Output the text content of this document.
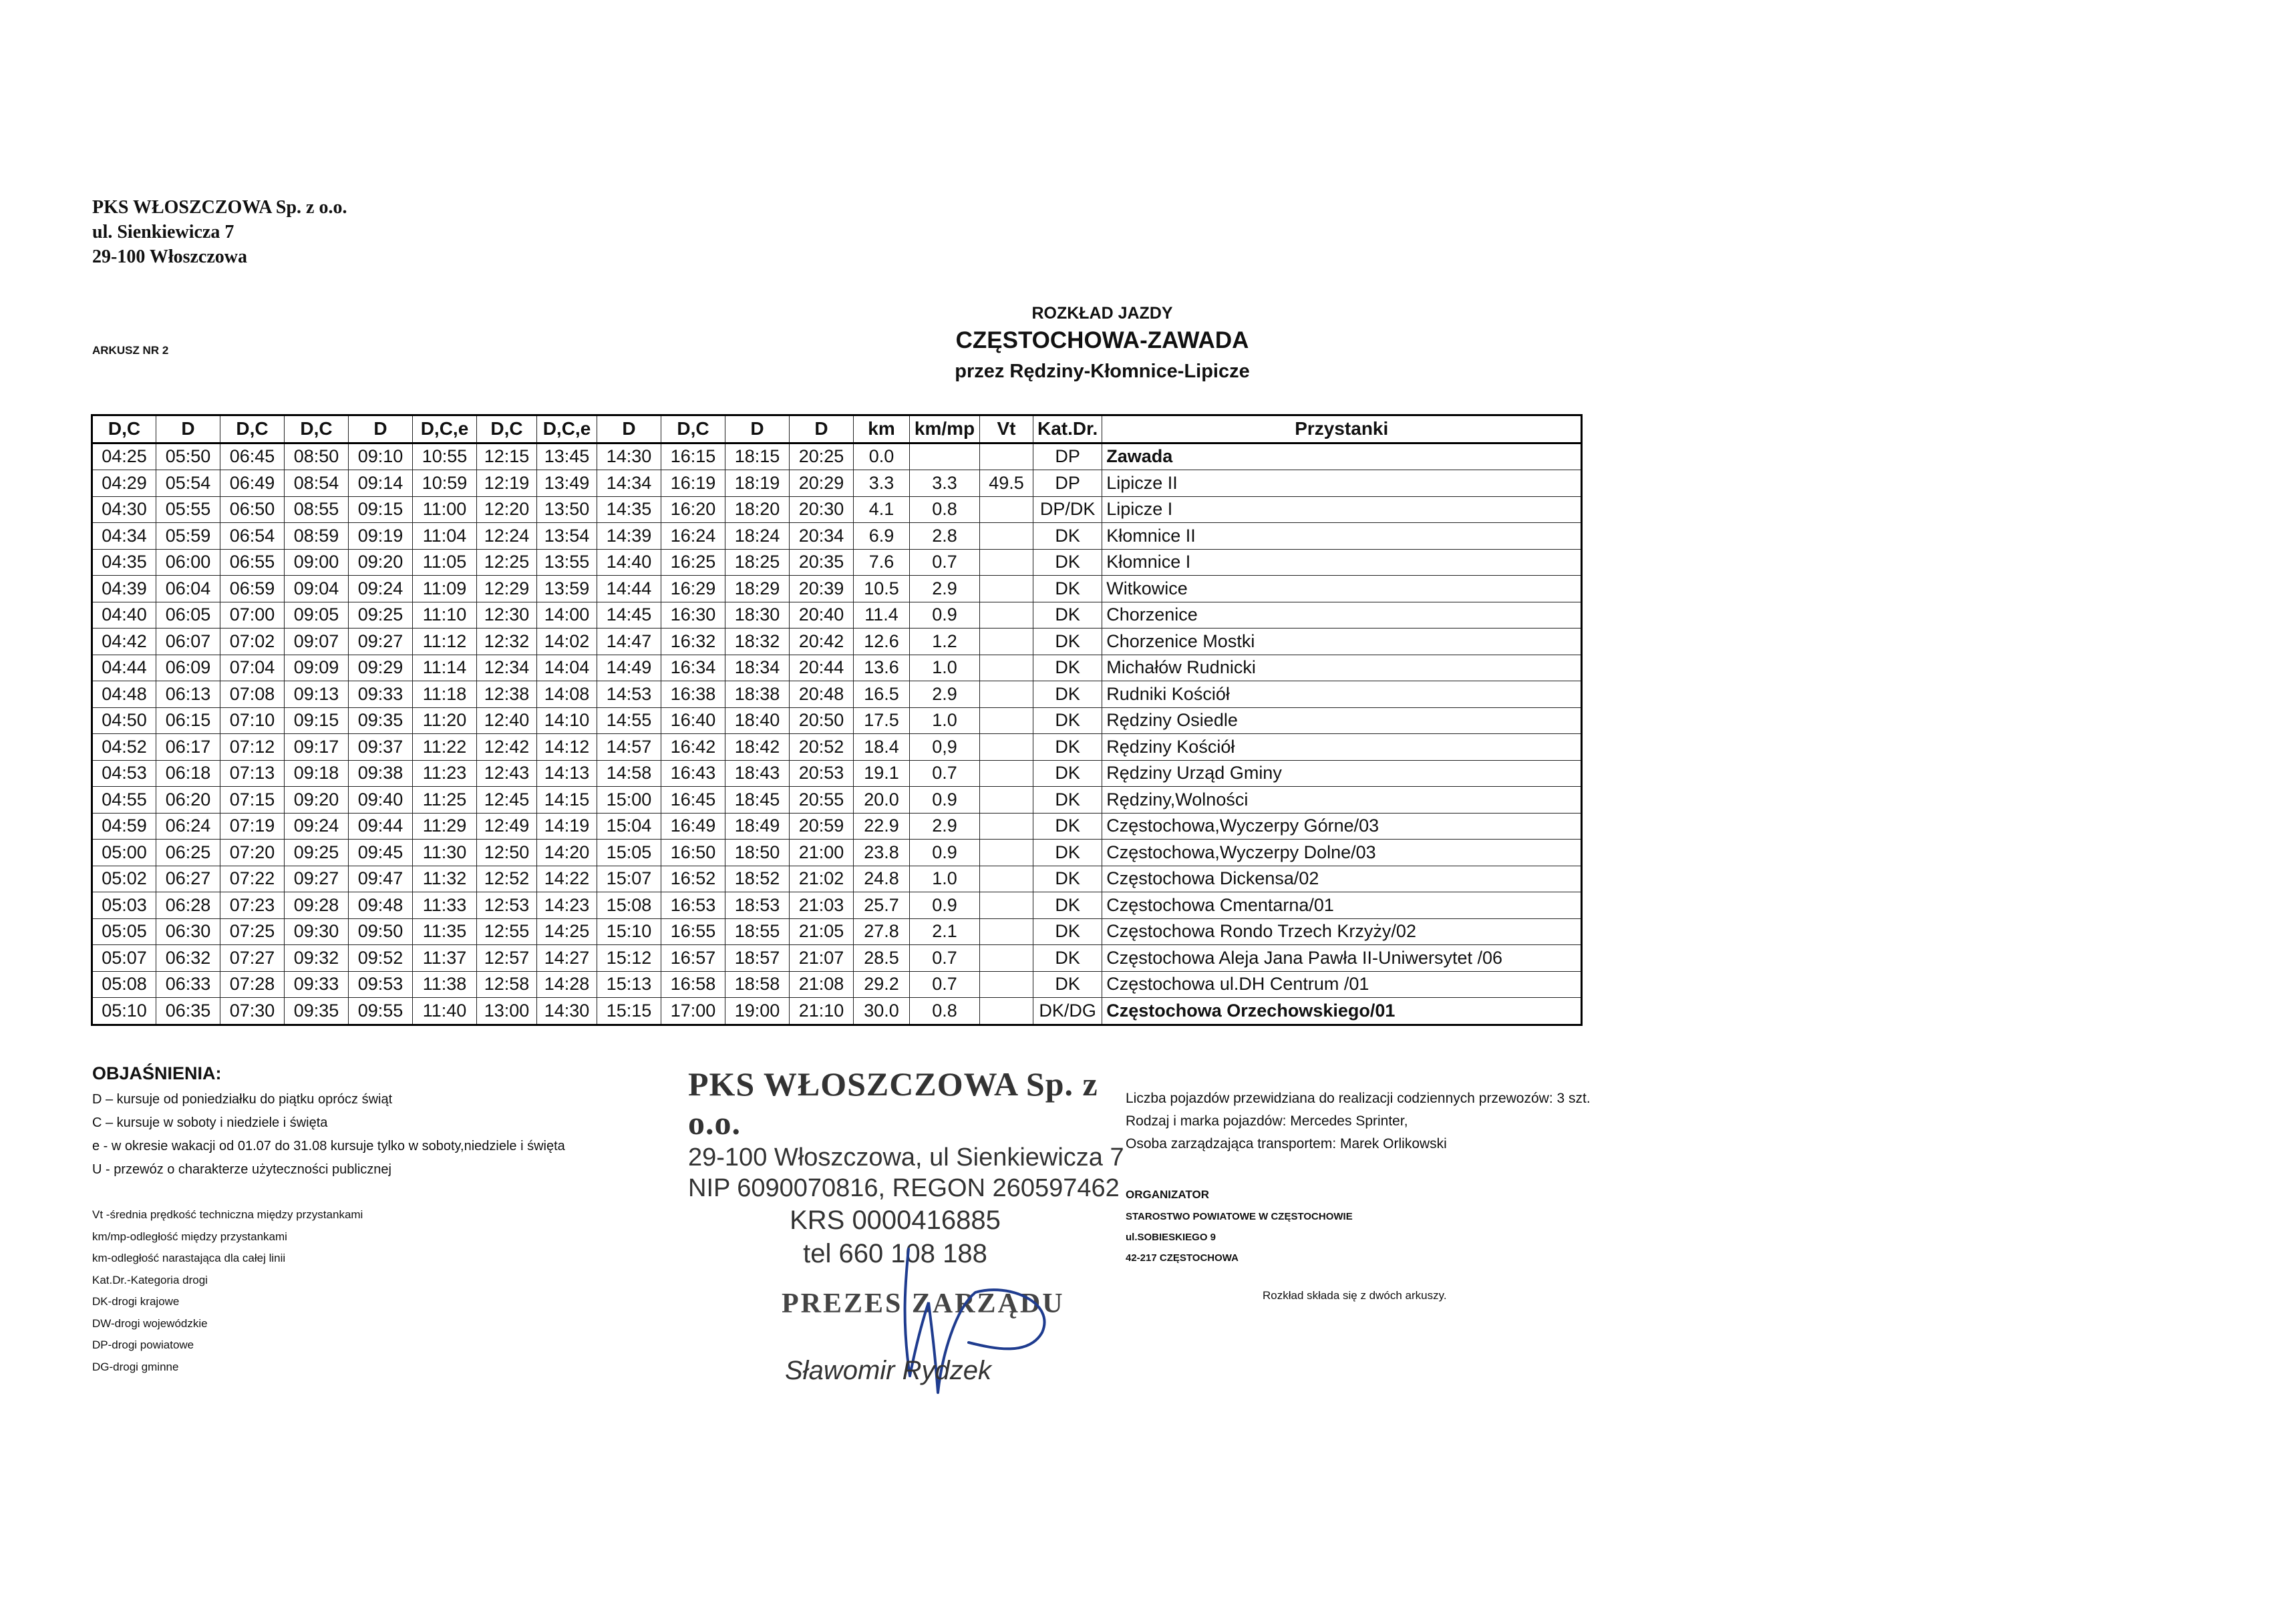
PKS WŁOSZCZOWA Sp. z o.o.
ul. Sienkiewicza 7
29-100 Włoszczowa
ARKUSZ NR 2
ROZKŁAD JAZDY
CZĘSTOCHOWA-ZAWADA
przez Rędziny-Kłomnice-Lipicze
D,C	D	D,C	D,C	D	D,C,e	D,C	D,C,e	D	D,C	D	D	km	km/mp	Vt	Kat.Dr.	Przystanki
04:25	05:50	06:45	08:50	09:10	10:55	12:15	13:45	14:30	16:15	18:15	20:25	0.0			DP	Zawada
04:29	05:54	06:49	08:54	09:14	10:59	12:19	13:49	14:34	16:19	18:19	20:29	3.3	3.3	49.5	DP	Lipicze II
04:30	05:55	06:50	08:55	09:15	11:00	12:20	13:50	14:35	16:20	18:20	20:30	4.1	0.8		DP/DK	Lipicze I
04:34	05:59	06:54	08:59	09:19	11:04	12:24	13:54	14:39	16:24	18:24	20:34	6.9	2.8		DK	Kłomnice II
04:35	06:00	06:55	09:00	09:20	11:05	12:25	13:55	14:40	16:25	18:25	20:35	7.6	0.7		DK	Kłomnice I
04:39	06:04	06:59	09:04	09:24	11:09	12:29	13:59	14:44	16:29	18:29	20:39	10.5	2.9		DK	Witkowice
04:40	06:05	07:00	09:05	09:25	11:10	12:30	14:00	14:45	16:30	18:30	20:40	11.4	0.9		DK	Chorzenice
04:42	06:07	07:02	09:07	09:27	11:12	12:32	14:02	14:47	16:32	18:32	20:42	12.6	1.2		DK	Chorzenice Mostki
04:44	06:09	07:04	09:09	09:29	11:14	12:34	14:04	14:49	16:34	18:34	20:44	13.6	1.0		DK	Michałów Rudnicki
04:48	06:13	07:08	09:13	09:33	11:18	12:38	14:08	14:53	16:38	18:38	20:48	16.5	2.9		DK	Rudniki Kościół
04:50	06:15	07:10	09:15	09:35	11:20	12:40	14:10	14:55	16:40	18:40	20:50	17.5	1.0		DK	Rędziny Osiedle
04:52	06:17	07:12	09:17	09:37	11:22	12:42	14:12	14:57	16:42	18:42	20:52	18.4	0,9		DK	Rędziny Kościół
04:53	06:18	07:13	09:18	09:38	11:23	12:43	14:13	14:58	16:43	18:43	20:53	19.1	0.7		DK	Rędziny Urząd Gminy
04:55	06:20	07:15	09:20	09:40	11:25	12:45	14:15	15:00	16:45	18:45	20:55	20.0	0.9		DK	Rędziny,Wolności
04:59	06:24	07:19	09:24	09:44	11:29	12:49	14:19	15:04	16:49	18:49	20:59	22.9	2.9		DK	Częstochowa,Wyczerpy Górne/03
05:00	06:25	07:20	09:25	09:45	11:30	12:50	14:20	15:05	16:50	18:50	21:00	23.8	0.9		DK	Częstochowa,Wyczerpy Dolne/03
05:02	06:27	07:22	09:27	09:47	11:32	12:52	14:22	15:07	16:52	18:52	21:02	24.8	1.0		DK	Częstochowa Dickensa/02
05:03	06:28	07:23	09:28	09:48	11:33	12:53	14:23	15:08	16:53	18:53	21:03	25.7	0.9		DK	Częstochowa Cmentarna/01
05:05	06:30	07:25	09:30	09:50	11:35	12:55	14:25	15:10	16:55	18:55	21:05	27.8	2.1		DK	Częstochowa Rondo Trzech Krzyży/02
05:07	06:32	07:27	09:32	09:52	11:37	12:57	14:27	15:12	16:57	18:57	21:07	28.5	0.7		DK	Częstochowa Aleja Jana Pawła II-Uniwersytet /06
05:08	06:33	07:28	09:33	09:53	11:38	12:58	14:28	15:13	16:58	18:58	21:08	29.2	0.7		DK	Częstochowa ul.DH Centrum /01
05:10	06:35	07:30	09:35	09:55	11:40	13:00	14:30	15:15	17:00	19:00	21:10	30.0	0.8		DK/DG	Częstochowa Orzechowskiego/01
OBJAŚNIENIA:
D – kursuje od poniedziałku do piątku oprócz świąt
C – kursuje w soboty i niedziele i święta
e - w okresie wakacji od 01.07 do 31.08 kursuje tylko w soboty,niedziele i święta
U - przewóz o charakterze użyteczności publicznej
Vt -średnia prędkość techniczna między przystankami
km/mp-odległość między przystankami
km-odległość narastająca dla całej linii
Kat.Dr.-Kategoria drogi
DK-drogi krajowe
DW-drogi wojewódzkie
DP-drogi powiatowe
DG-drogi gminne
PKS WŁOSZCZOWA Sp. z o.o.
29-100 Włoszczowa, ul Sienkiewicza 7
NIP 6090070816, REGON 260597462
KRS 0000416885
tel 660 108 188
PREZES ZARZĄDU
Sławomir Rydzek
Liczba pojazdów przewidziana do realizacji codziennych przewozów: 3 szt.
Rodzaj i marka pojazdów: Mercedes Sprinter,
Osoba zarządzająca transportem: Marek Orlikowski
ORGANIZATOR
STAROSTWO POWIATOWE W CZĘSTOCHOWIE
ul.SOBIESKIEGO 9
42-217 CZĘSTOCHOWA
Rozkład składa się z dwóch arkuszy.
